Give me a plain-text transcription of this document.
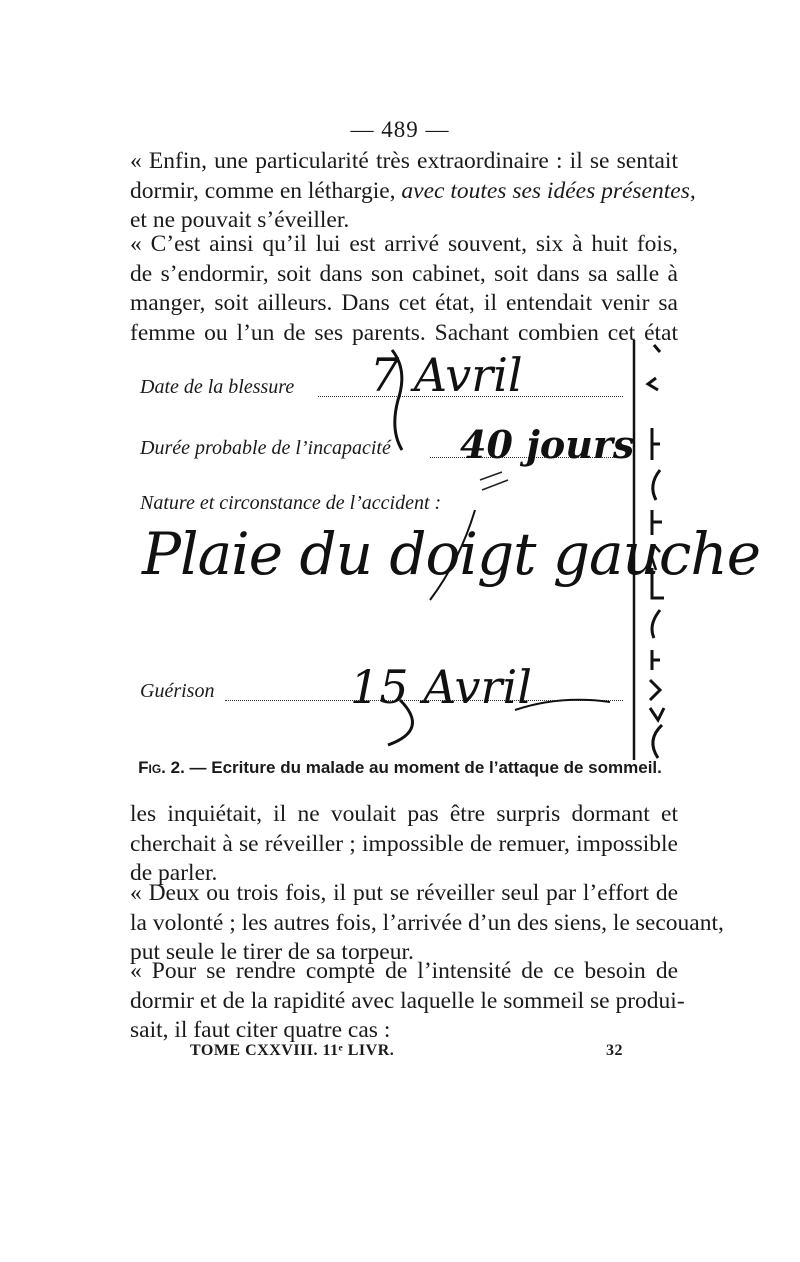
— 489 —
« Enfin, une particularité très extraordinaire : il se sentait
dormir, comme en léthargie, avec toutes ses idées présentes,
et ne pouvait s’éveiller.
« C’est ainsi qu’il lui est arrivé souvent, six à huit fois,
de s’endormir, soit dans son cabinet, soit dans sa salle à
manger, soit ailleurs. Dans cet état, il entendait venir sa
femme ou l’un de ses parents. Sachant combien cet état
Date de la blessure
Durée probable de l’incapacité
Nature et circonstance de l’accident :
Guérison
7 Avril
40 jours
Plaie du doigt gauche
15 Avril
Fig. 2. — Ecriture du malade au moment de l’attaque de sommeil.
les inquiétait, il ne voulait pas être surpris dormant et
cherchait à se réveiller ; impossible de remuer, impossible
de parler.
« Deux ou trois fois, il put se réveiller seul par l’effort de
la volonté ; les autres fois, l’arrivée d’un des siens, le secouant,
put seule le tirer de sa torpeur.
« Pour se rendre compte de l’intensité de ce besoin de
dormir et de la rapidité avec laquelle le sommeil se produi-
sait, il faut citer quatre cas :
TOME CXXVIII. 11ᵉ LIVR.	32
